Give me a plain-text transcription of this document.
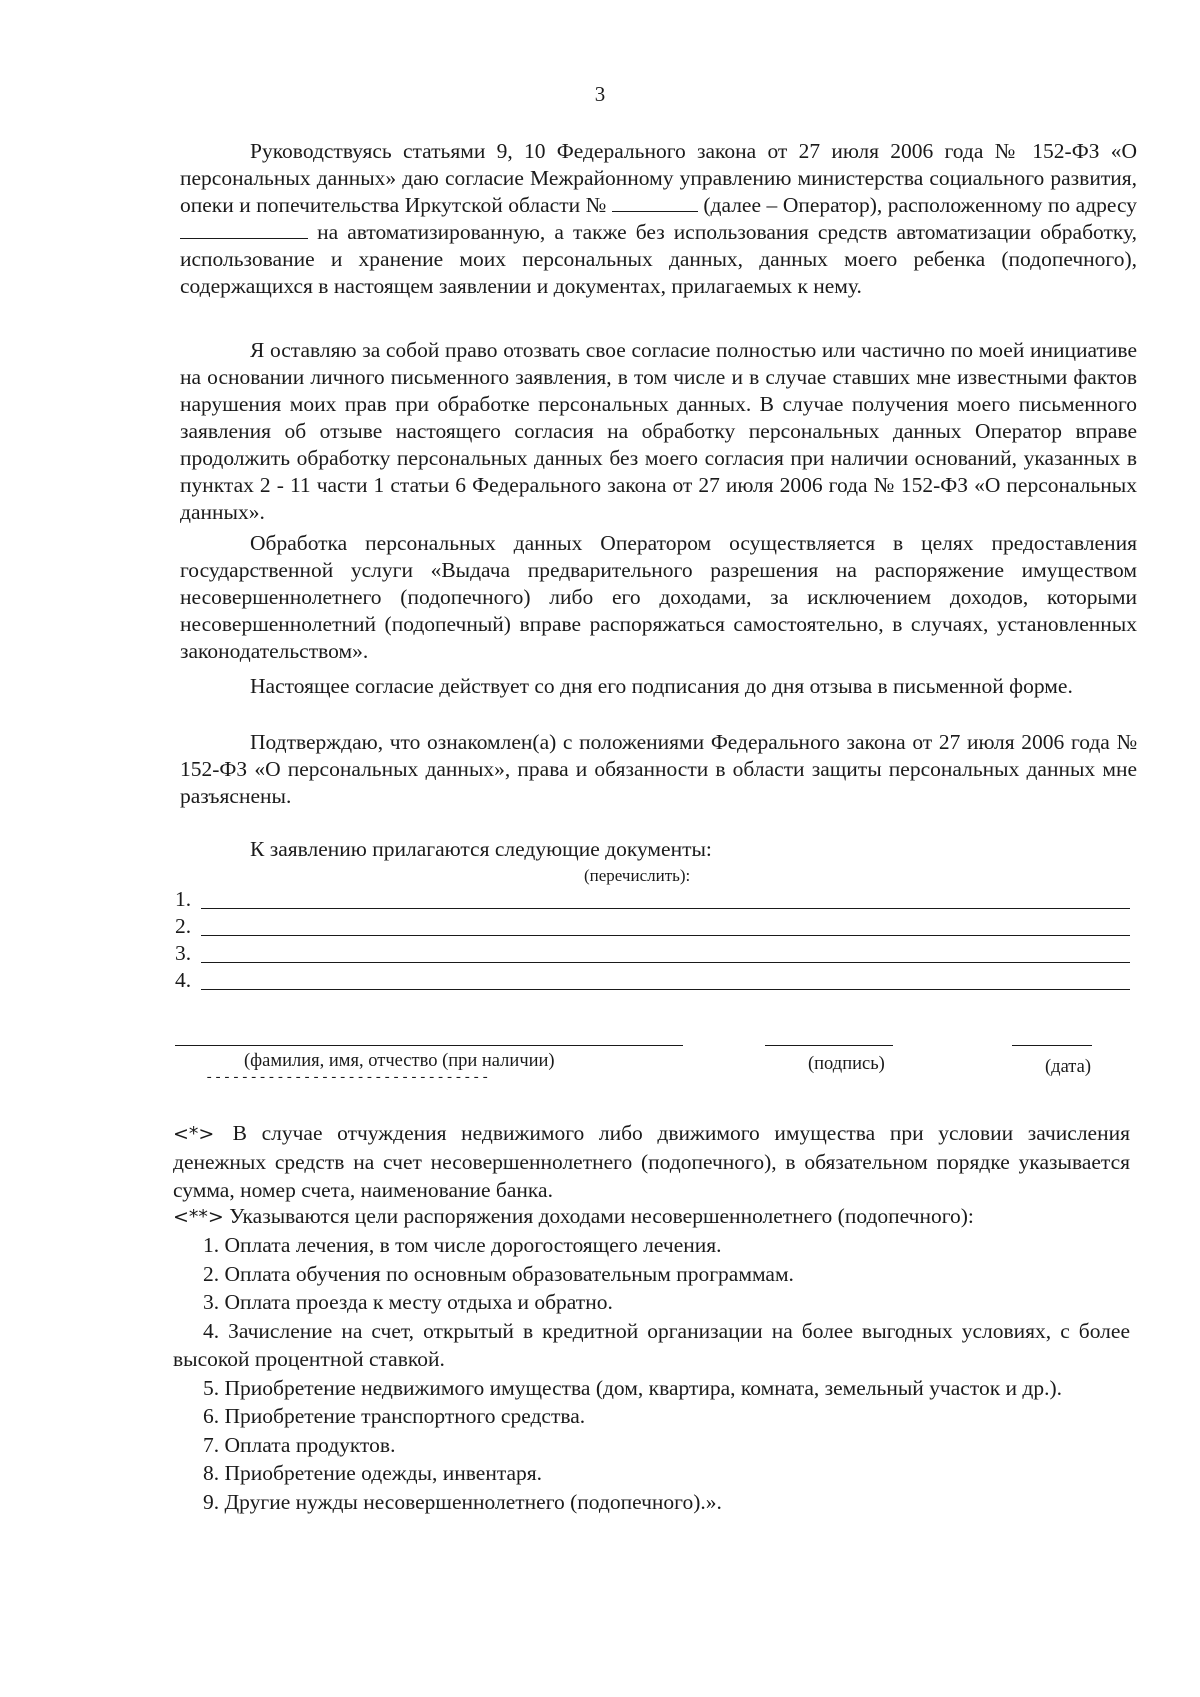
3

Руководствуясь статьями 9, 10 Федерального закона от 27 июля 2006 года № 152-ФЗ «О персональных данных» даю согласие Межрайонному управлению министерства социального развития, опеки и попечительства Иркутской области №	(далее – Оператор), расположенному по адресу  на автоматизированную, а также без использования средств автоматизации обработку, использование и хранение моих персональных данных, данных моего ребенка (подопечного), содержащихся в настоящем заявлении и документах, прилагаемых к нему.

Я оставляю за собой право отозвать свое согласие полностью или частично по моей инициативе на основании личного письменного заявления, в том числе и в случае ставших мне известными фактов нарушения моих прав при обработке персональных данных. В случае получения моего письменного заявления об отзыве настоящего согласия на обработку персональных данных Оператор вправе продолжить обработку персональных данных без моего согласия при наличии оснований, указанных в пунктах 2 - 11 части 1 статьи 6 Федерального закона от 27 июля 2006 года № 152-ФЗ «О персональных данных».

Обработка персональных данных Оператором осуществляется в целях предоставления государственной услуги «Выдача предварительного разрешения на распоряжение имуществом несовершеннолетнего (подопечного) либо его доходами, за исключением доходов, которыми несовершеннолетний (подопечный) вправе распоряжаться самостоятельно, в случаях, установленных законодательством».

Настоящее согласие действует со дня его подписания до дня отзыва в письменной форме.

Подтверждаю, что ознакомлен(а) с положениями Федерального закона от 27 июля 2006 года № 152-ФЗ «О персональных данных», права и обязанности в области защиты персональных данных мне разъяснены.

К заявлению прилагаются следующие документы:

(перечислить):

1.
2.
3.
4.

(фамилия, имя, отчество (при наличии)	(подпись)	(дата)

--------------------------------

<*> В случае отчуждения недвижимого либо движимого имущества при условии зачисления денежных средств на счет несовершеннолетнего (подопечного), в обязательном порядке указывается сумма, номер счета, наименование банка.

<**> Указываются цели распоряжения доходами несовершеннолетнего (подопечного):

1. Оплата лечения, в том числе дорогостоящего лечения.
2. Оплата обучения по основным образовательным программам.
3. Оплата проезда к месту отдыха и обратно.
4. Зачисление на счет, открытый в кредитной организации на более выгодных условиях, с более высокой процентной ставкой.
5. Приобретение недвижимого имущества (дом, квартира, комната, земельный участок и др.).
6. Приобретение транспортного средства.
7. Оплата продуктов.
8. Приобретение одежды, инвентаря.
9. Другие нужды несовершеннолетнего (подопечного).».
